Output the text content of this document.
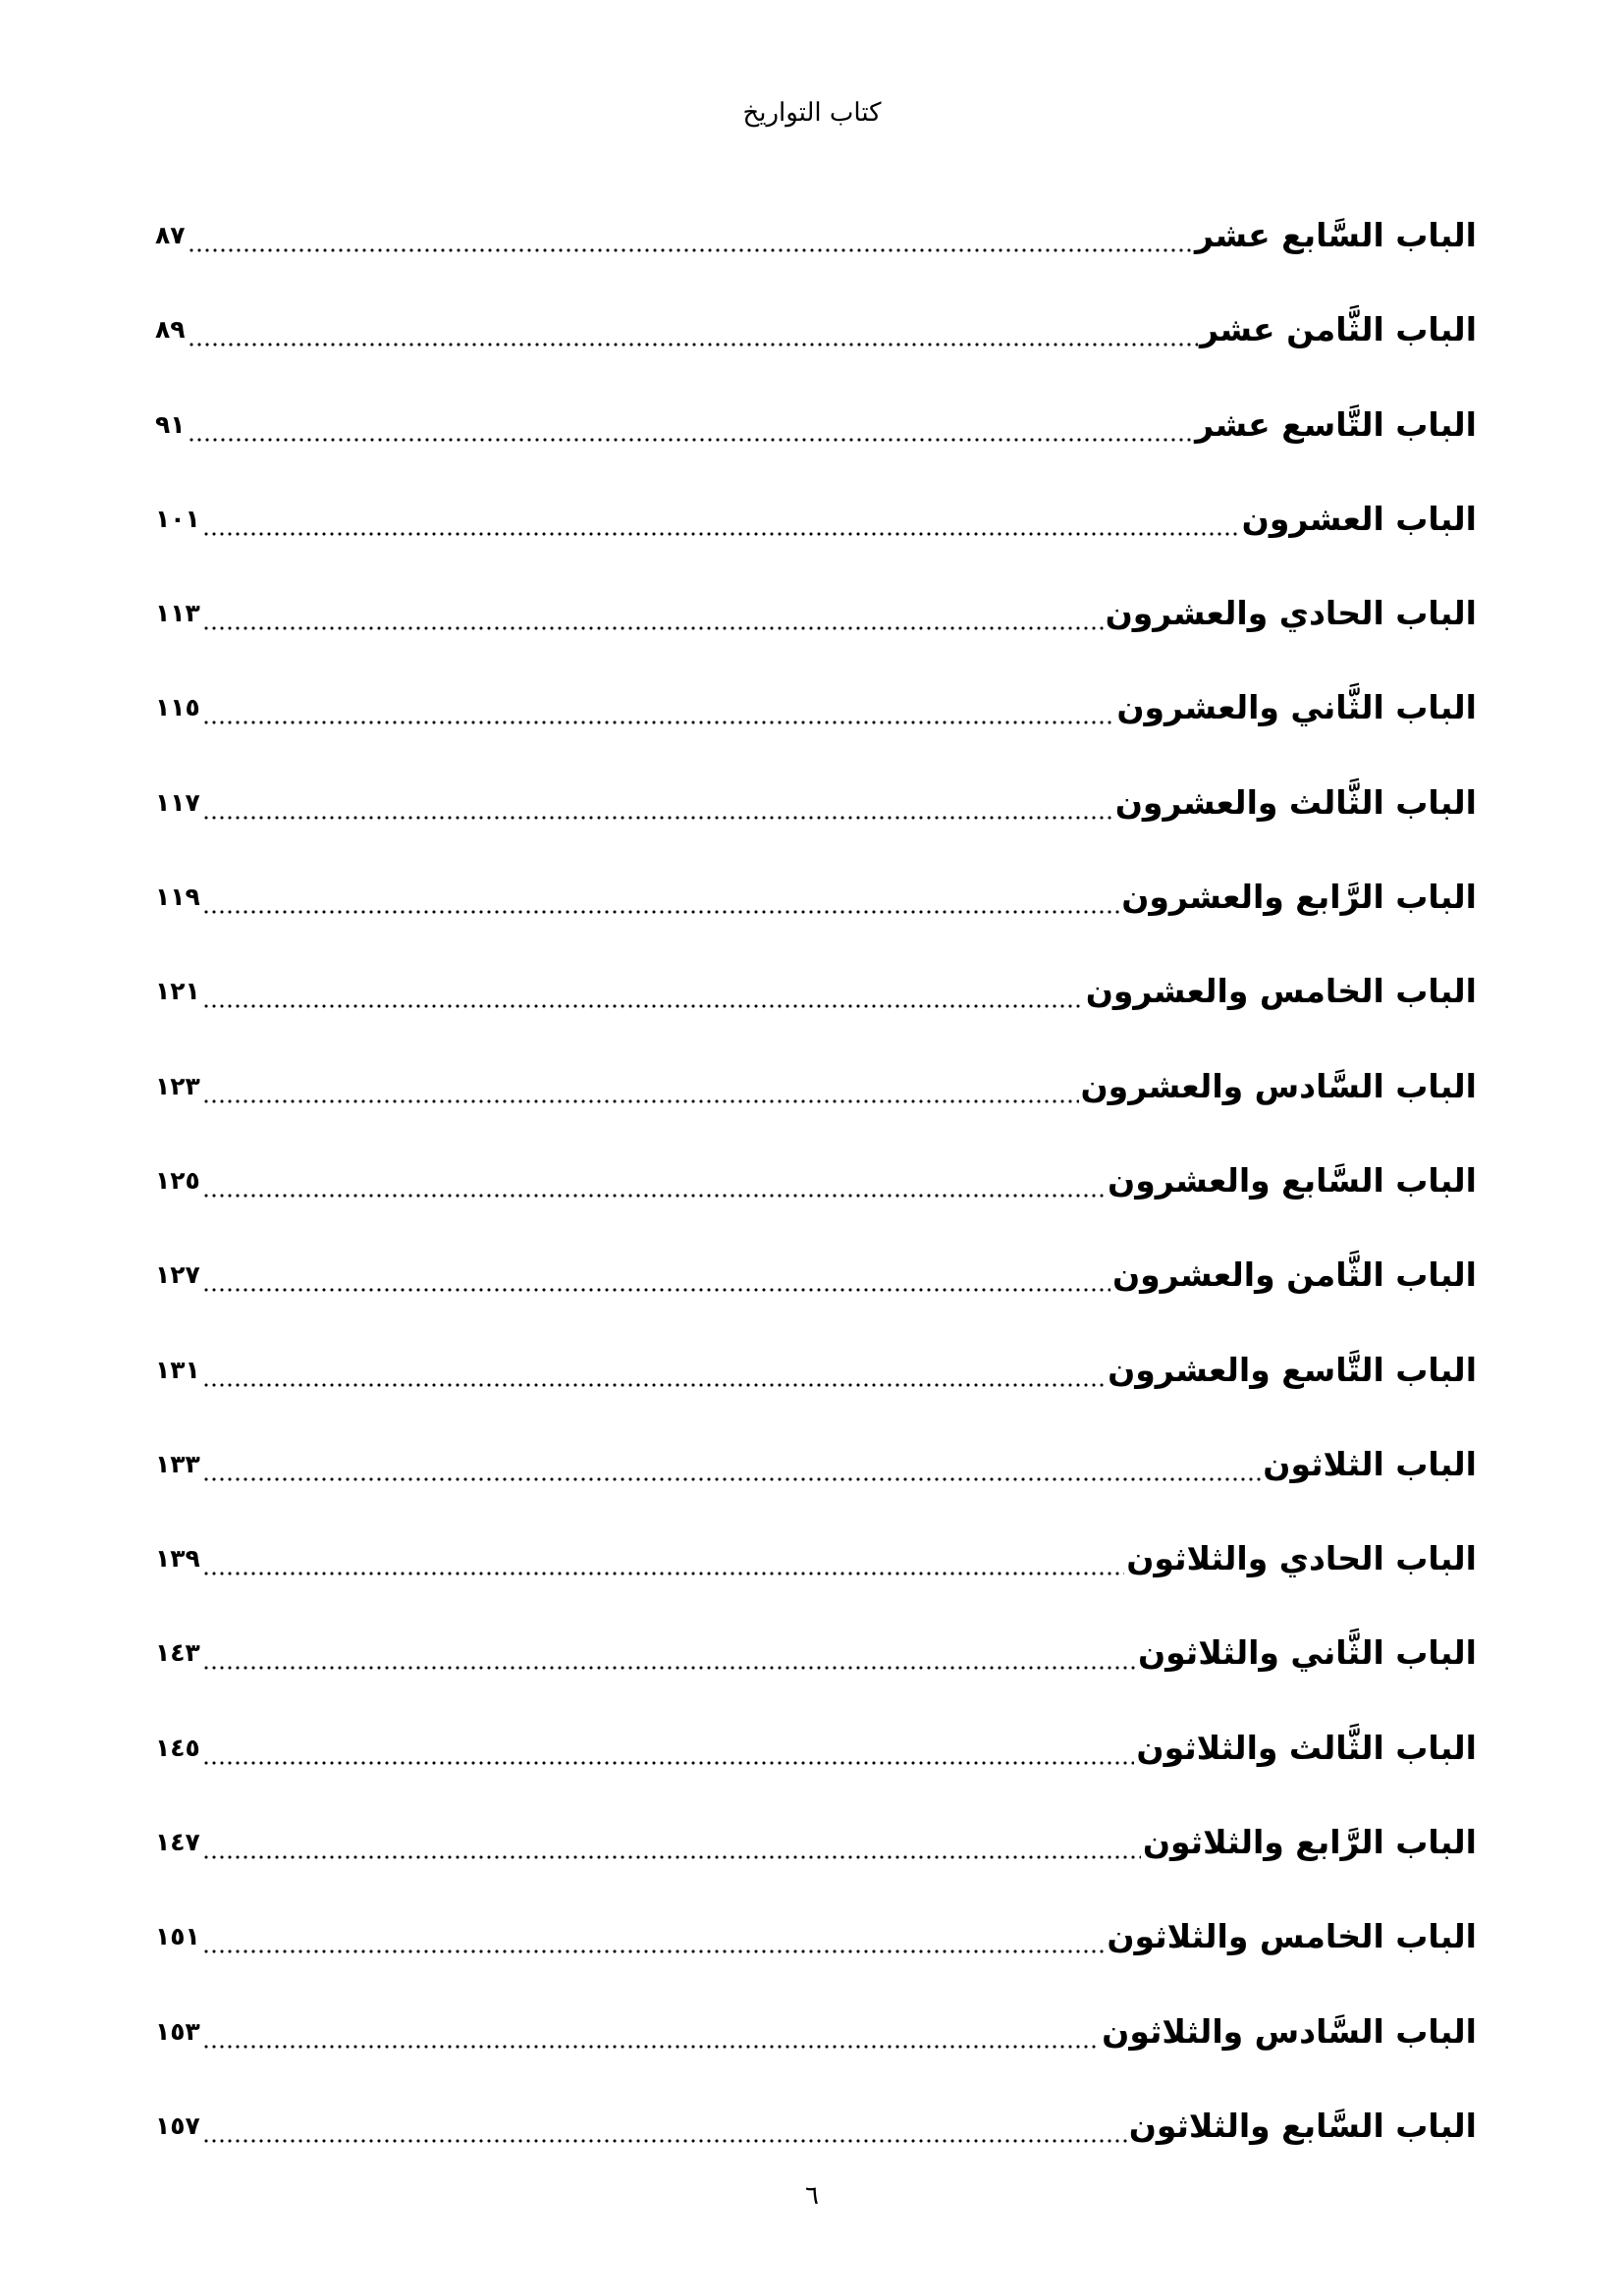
كتاب التواريخ
الباب السَّابع عشر
٨٧
الباب الثَّامن عشر
٨٩
الباب التَّاسع عشر
٩١
الباب العشرون
١٠١
الباب الحادي والعشرون
١١٣
الباب الثَّاني والعشرون
١١٥
الباب الثَّالث والعشرون
١١٧
الباب الرَّابع والعشرون
١١٩
الباب الخامس والعشرون
١٢١
الباب السَّادس والعشرون
١٢٣
الباب السَّابع والعشرون
١٢٥
الباب الثَّامن والعشرون
١٢٧
الباب التَّاسع والعشرون
١٣١
الباب الثلاثون
١٣٣
الباب الحادي والثلاثون
١٣٩
الباب الثَّاني والثلاثون
١٤٣
الباب الثَّالث والثلاثون
١٤٥
الباب الرَّابع والثلاثون
١٤٧
الباب الخامس والثلاثون
١٥١
الباب السَّادس والثلاثون
١٥٣
الباب السَّابع والثلاثون
١٥٧
٦
